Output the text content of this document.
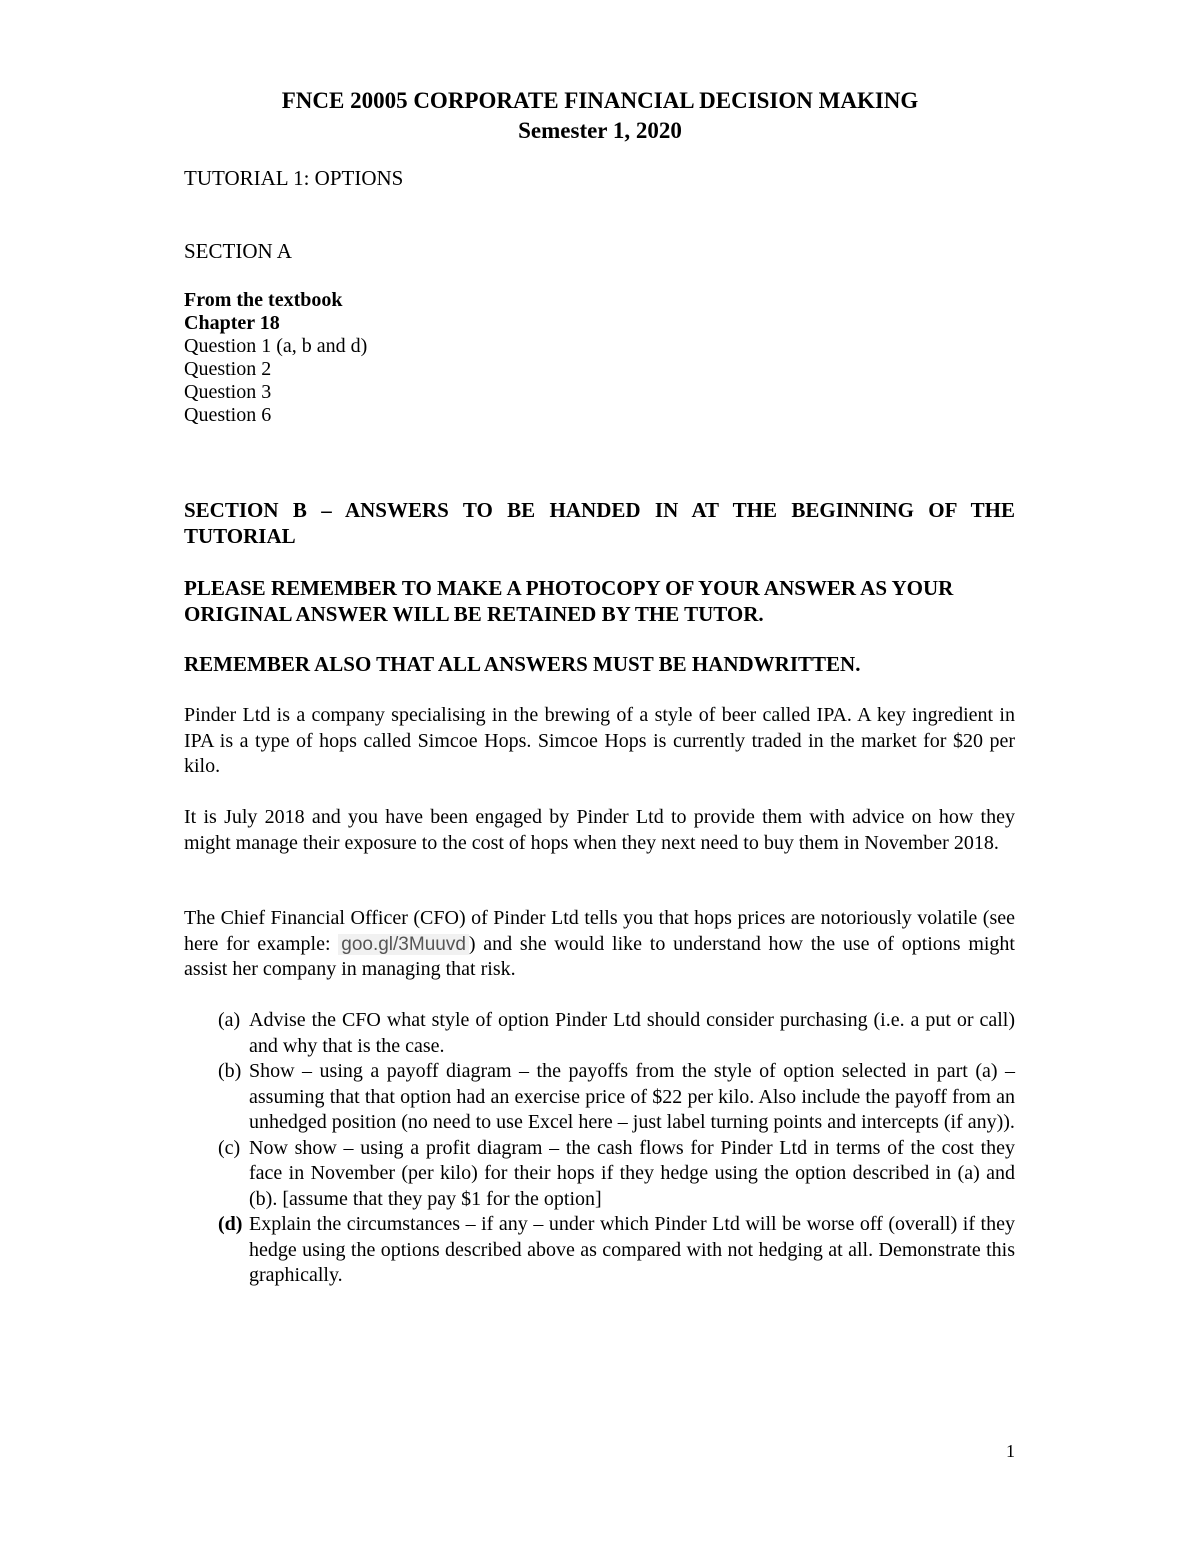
FNCE 20005 CORPORATE FINANCIAL DECISION MAKING
Semester 1, 2020
TUTORIAL 1: OPTIONS
SECTION A
From the textbook
Chapter 18
Question 1 (a, b and d)
Question 2
Question 3
Question 6
SECTION B – ANSWERS TO BE HANDED IN AT THE BEGINNING OF THE TUTORIAL
PLEASE REMEMBER TO MAKE A PHOTOCOPY OF YOUR ANSWER AS YOUR ORIGINAL ANSWER WILL BE RETAINED BY THE TUTOR.
REMEMBER ALSO THAT ALL ANSWERS MUST BE HANDWRITTEN.
Pinder Ltd is a company specialising in the brewing of a style of beer called IPA. A key ingredient in IPA is a type of hops called Simcoe Hops. Simcoe Hops is currently traded in the market for $20 per kilo.
It is July 2018 and you have been engaged by Pinder Ltd to provide them with advice on how they might manage their exposure to the cost of hops when they next need to buy them in November 2018.
The Chief Financial Officer (CFO) of Pinder Ltd tells you that hops prices are notoriously volatile (see here for example: goo.gl/3Muuvd ) and she would like to understand how the use of options might assist her company in managing that risk.
(a) Advise the CFO what style of option Pinder Ltd should consider purchasing (i.e. a put or call) and why that is the case.
(b) Show – using a payoff diagram – the payoffs from the style of option selected in part (a) – assuming that that option had an exercise price of $22 per kilo. Also include the payoff from an unhedged position (no need to use Excel here – just label turning points and intercepts (if any)).
(c) Now show – using a profit diagram – the cash flows for Pinder Ltd in terms of the cost they face in November (per kilo) for their hops if they hedge using the option described in (a) and (b). [assume that they pay $1 for the option]
(d) Explain the circumstances – if any – under which Pinder Ltd will be worse off (overall) if they hedge using the options described above as compared with not hedging at all. Demonstrate this graphically.
1
